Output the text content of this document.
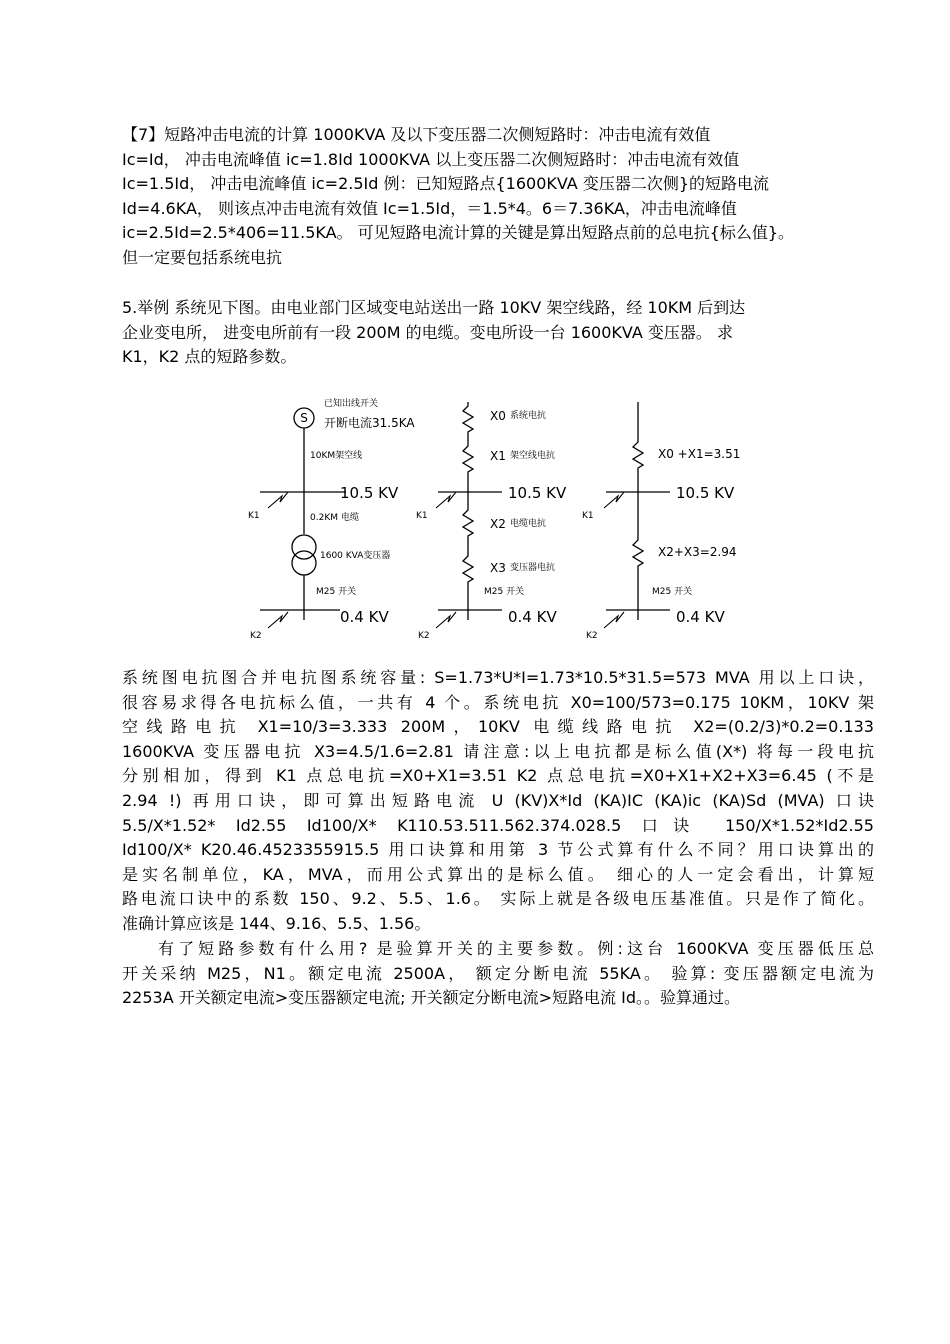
【7】短路冲击电流的计算 1000KVA 及以下变压器二次侧短路时：冲击电流有效值
Ic=Id， 冲击电流峰值 ic=1.8Id 1000KVA 以上变压器二次侧短路时：冲击电流有效值
Ic=1.5Id， 冲击电流峰值 ic=2.5Id 例：已知短路点{1600KVA 变压器二次侧}的短路电流
Id=4.6KA， 则该点冲击电流有效值 Ic=1.5Id，＝1.5*4。6＝7.36KA，冲击电流峰值
ic=2.5Id=2.5*406=11.5KA。 可见短路电流计算的关键是算出短路点前的总电抗{标么值}。
但一定要包括系统电抗
5.举例 系统见下图。由电业部门区域变电站送出一路 10KV 架空线路，经 10KM 后到达
企业变电所， 进变电所前有一段 200M 的电缆。变电所设一台 1600KVA 变压器。 求
K1，K2 点的短路参数。
S
已知出线开关
开断电流31.5KA
10KM架空线
10.5 KV
K1	0.2KM 电缆
1600 KVA变压器
M25 开关
0.4 KV
K2
X0 系统电抗
X1 架空线电抗
10.5 KV
K1
X2 电缆电抗
X3 变压器电抗
M25 开关
0.4 KV
K2
X0 +X1=3.51
10.5 KV
K1
X2+X3=2.94
M25 开关
0.4 KV
K2
系统图电抗图合并电抗图系统容量: S=1.73*U*I=1.73*10.5*31.5=573 MVA 用以上口诀，
很容易求得各电抗标么值，一共有 4 个。系统电抗 X0=100/573=0.175 10KM，10KV 架
空线路电抗 X1=10/3=3.333 200M，10KV 电缆线路电抗 X2=(0.2/3)*0.2=0.133
1600KVA 变压器电抗 X3=4.5/1.6=2.81 请注意:以上电抗都是标么值(X*) 将每一段电抗
分别相加，得到 K1 点总电抗=X0+X1=3.51 K2 点总电抗=X0+X1+X2+X3=6.45 (不是
2.94 !) 再用口诀，即可算出短路电流 U (KV)X*Id (KA)IC (KA)ic (KA)Sd (MVA) 口诀
5.5/X*1.52* Id2.55 Id100/X* K110.53.511.562.374.028.5 口诀 150/X*1.52*Id2.55
Id100/X* K20.46.4523355915.5 用口诀算和用第 3 节公式算有什么不同？用口诀算出的
是实名制单位，KA，MVA，而用公式算出的是标么值。 细心的人一定会看出，计算短
路电流口诀中的系数 150、9.2、5.5、1.6。 实际上就是各级电压基准值。只是作了简化。
准确计算应该是 144、9.16、5.5、1.56。
有了短路参数有什么用? 是验算开关的主要参数。例:这台 1600KVA 变压器低压总
开关采纳 M25，N1。额定电流 2500A， 额定分断电流 55KA。 验算: 变压器额定电流为
2253A 开关额定电流>变压器额定电流; 开关额定分断电流>短路电流 Id。。验算通过。
